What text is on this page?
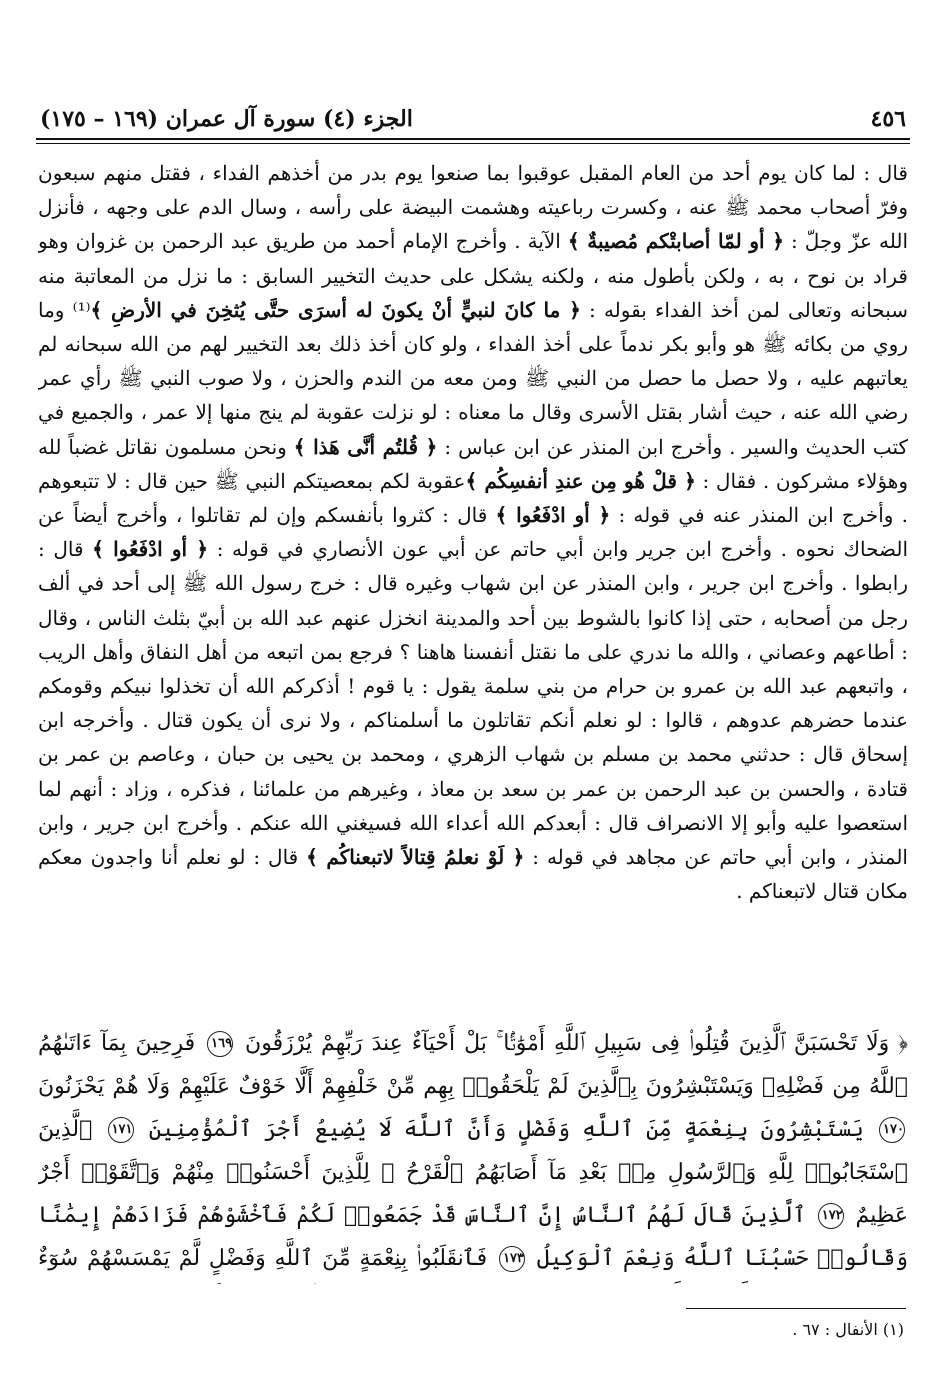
٤٥٦
الجزء (٤) سورة آل عمران (١٦٩ – ١٧٥)

قال : لما كان يوم أحد من العام المقبل عوقبوا بما صنعوا يوم بدر من أخذهم الفداء ، فقتل منهم سبعون وفرّ أصحاب محمد ﷺ عنه ، وكسرت رباعيته وهشمت البيضة على رأسه ، وسال الدم على وجهه ، فأنزل الله عزّ وجلّ : ﴿ أو لمّا أصابتْكم مُصيبةٌ ﴾ الآية . وأخرج الإمام أحمد من طريق عبد الرحمن بن غزوان وهو قراد بن نوح ، به ، ولكن بأطول منه ، ولكنه يشكل على حديث التخيير السابق : ما نزل من المعاتبة منه سبحانه وتعالى لمن أخذ الفداء بقوله : ﴿ ما كانَ لنبيٍّ أنْ يكونَ له أسرَى حتَّى يُثخِنَ في الأرضِ ﴾⁽¹⁾ وما روي من بكائه ﷺ هو وأبو بكر ندماً على أخذ الفداء ، ولو كان أخذ ذلك بعد التخيير لهم من الله سبحانه لم يعاتبهم عليه ، ولا حصل ما حصل من النبي ﷺ ومن معه من الندم والحزن ، ولا صوب النبي ﷺ رأي عمر رضي الله عنه ، حيث أشار بقتل الأسرى وقال ما معناه : لو نزلت عقوبة لم ينج منها إلا عمر ، والجميع في كتب الحديث والسير . وأخرج ابن المنذر عن ابن عباس : ﴿ قُلتُم أنَّى هَذا ﴾ ونحن مسلمون نقاتل غضباً لله وهؤلاء مشركون . فقال : ﴿ قلْ هُو مِن عندِ أنفسِكُم ﴾عقوبة لكم بمعصيتكم النبي ﷺ حين قال : لا تتبعوهم . وأخرج ابن المنذر عنه في قوله : ﴿ أو ادْفَعُوا ﴾ قال : كثروا بأنفسكم وإن لم تقاتلوا ، وأخرج أيضاً عن الضحاك نحوه . وأخرج ابن جرير وابن أبي حاتم عن أبي عون الأنصاري في قوله : ﴿ أو ادْفَعُوا ﴾ قال : رابطوا . وأخرج ابن جرير ، وابن المنذر عن ابن شهاب وغيره قال : خرج رسول الله ﷺ إلى أحد في ألف رجل من أصحابه ، حتى إذا كانوا بالشوط بين أحد والمدينة انخزل عنهم عبد الله بن أبيّ بثلث الناس ، وقال : أطاعهم وعصاني ، والله ما ندري على ما نقتل أنفسنا هاهنا ؟ فرجع بمن اتبعه من أهل النفاق وأهل الريب ، واتبعهم عبد الله بن عمرو بن حرام من بني سلمة يقول : يا قوم ! أذكركم الله أن تخذلوا نبيكم وقومكم عندما حضرهم عدوهم ، قالوا : لو نعلم أنكم تقاتلون ما أسلمناكم ، ولا نرى أن يكون قتال . وأخرجه ابن إسحاق قال : حدثني محمد بن مسلم بن شهاب الزهري ، ومحمد بن يحيى بن حبان ، وعاصم بن عمر بن قتادة ، والحسن بن عبد الرحمن بن عمر بن سعد بن معاذ ، وغيرهم من علمائنا ، فذكره ، وزاد : أنهم لما استعصوا عليه وأبو إلا الانصراف قال : أبعدكم الله أعداء الله فسيغني الله عنكم . وأخرج ابن جرير ، وابن المنذر ، وابن أبي حاتم عن مجاهد في قوله : ﴿ لَوْ نعلمُ قِتالاً لاتبعناكُم ﴾ قال : لو نعلم أنا واجدون معكم مكان قتال لاتبعناكم .

﴿ وَلَا تَحْسَبَنَّ ٱلَّذِينَ قُتِلُوا۟ فِى سَبِيلِ ٱللَّهِ أَمْوَٰتًۢا ۚ بَلْ أَحْيَآءٌ عِندَ رَبِّهِمْ يُرْزَقُونَ ١٦٩ فَرِحِينَ بِمَآ ءَاتَىٰهُمُ ٱللَّهُ مِن فَضْلِهِۦ وَيَسْتَبْشِرُونَ بِٱلَّذِينَ لَمْ يَلْحَقُوا۟ بِهِم مِّنْ خَلْفِهِمْ أَلَّا خَوْفٌ عَلَيْهِمْ وَلَا هُمْ يَحْزَنُونَ ١٧٠ يَسْتَبْشِرُونَ بِنِعْمَةٍ مِّنَ ٱللَّهِ وَفَضْلٍ وَأَنَّ ٱللَّهَ لَا يُضِيعُ أَجْرَ ٱلْمُؤْمِنِينَ ١٧١ ٱلَّذِينَ ٱسْتَجَابُوا۟ لِلَّهِ وَٱلرَّسُولِ مِنۢ بَعْدِ مَآ أَصَابَهُمُ ٱلْقَرْحُ ۚ لِلَّذِينَ أَحْسَنُوا۟ مِنْهُمْ وَٱتَّقَوْا۟ أَجْرٌ عَظِيمٌ ١٧٢ ٱلَّذِينَ قَالَ لَهُمُ ٱلنَّاسُ إِنَّ ٱلنَّاسَ قَدْ جَمَعُوا۟ لَكُمْ فَٱخْشَوْهُمْ فَزَادَهُمْ إِيمَٰنًا وَقَالُوا۟ حَسْبُنَا ٱللَّهُ وَنِعْمَ ٱلْوَكِيلُ ١٧٣ فَٱنقَلَبُوا۟ بِنِعْمَةٍ مِّنَ ٱللَّهِ وَفَضْلٍ لَّمْ يَمْسَسْهُمْ سُوٓءٌ

(١) الأنفال : ٦٧ .
